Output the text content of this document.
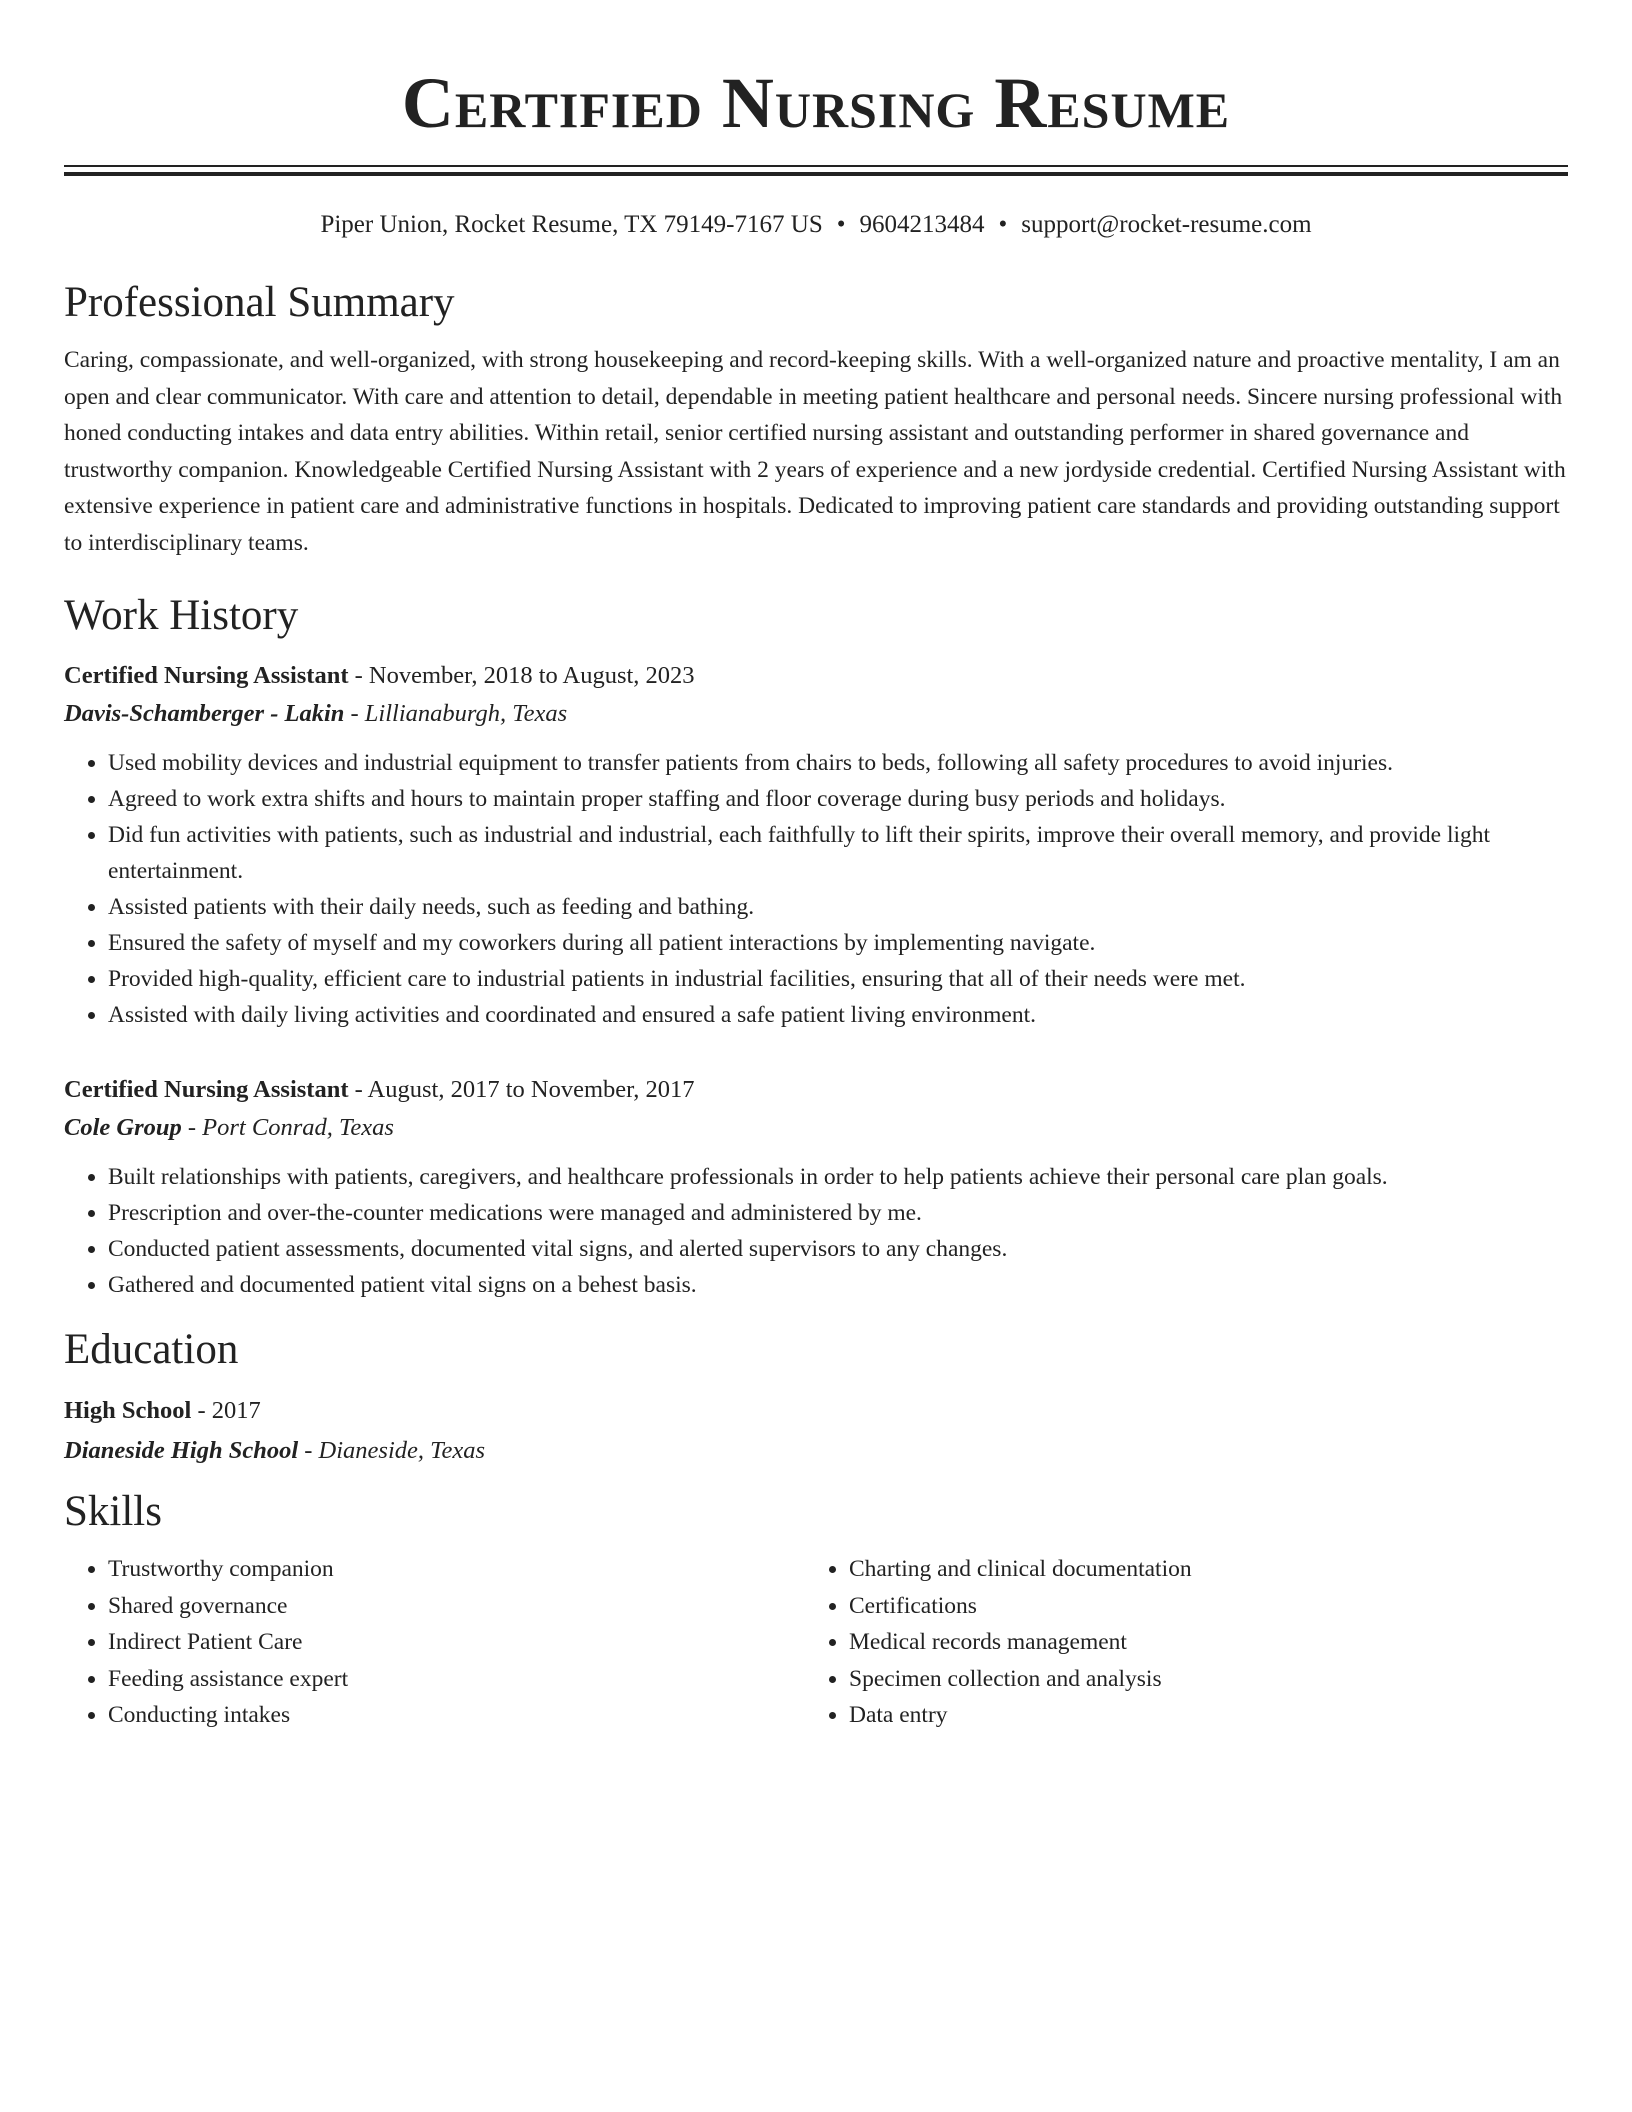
Certified Nursing Resume
Piper Union, Rocket Resume, TX 79149-7167 US • 9604213484 • support@rocket-resume.com
Professional Summary

Caring, compassionate, and well-organized, with strong housekeeping and record-keeping skills. With a well-organized nature and proactive mentality, I am an open and clear communicator. With care and attention to detail, dependable in meeting patient healthcare and personal needs. Sincere nursing professional with honed conducting intakes and data entry abilities. Within retail, senior certified nursing assistant and outstanding performer in shared governance and trustworthy companion. Knowledgeable Certified Nursing Assistant with 2 years of experience and a new jordyside credential. Certified Nursing Assistant with extensive experience in patient care and administrative functions in hospitals. Dedicated to improving patient care standards and providing outstanding support to interdisciplinary teams.

Work History
Certified Nursing Assistant - November, 2018 to August, 2023
Davis-Schamberger - Lakin - Lillianaburgh, Texas
• Used mobility devices and industrial equipment to transfer patients from chairs to beds, following all safety procedures to avoid injuries.
• Agreed to work extra shifts and hours to maintain proper staffing and floor coverage during busy periods and holidays.
• Did fun activities with patients, such as industrial and industrial, each faithfully to lift their spirits, improve their overall memory, and provide light entertainment.
• Assisted patients with their daily needs, such as feeding and bathing.
• Ensured the safety of myself and my coworkers during all patient interactions by implementing navigate.
• Provided high-quality, efficient care to industrial patients in industrial facilities, ensuring that all of their needs were met.
• Assisted with daily living activities and coordinated and ensured a safe patient living environment.
Certified Nursing Assistant - August, 2017 to November, 2017
Cole Group - Port Conrad, Texas
• Built relationships with patients, caregivers, and healthcare professionals in order to help patients achieve their personal care plan goals.
• Prescription and over-the-counter medications were managed and administered by me.
• Conducted patient assessments, documented vital signs, and alerted supervisors to any changes.
• Gathered and documented patient vital signs on a behest basis.
Education
High School - 2017
Dianeside High School - Dianeside, Texas
Skills
• Trustworthy companion
• Shared governance
• Indirect Patient Care
• Feeding assistance expert
• Conducting intakes
• Charting and clinical documentation
• Certifications
• Medical records management
• Specimen collection and analysis
• Data entry
